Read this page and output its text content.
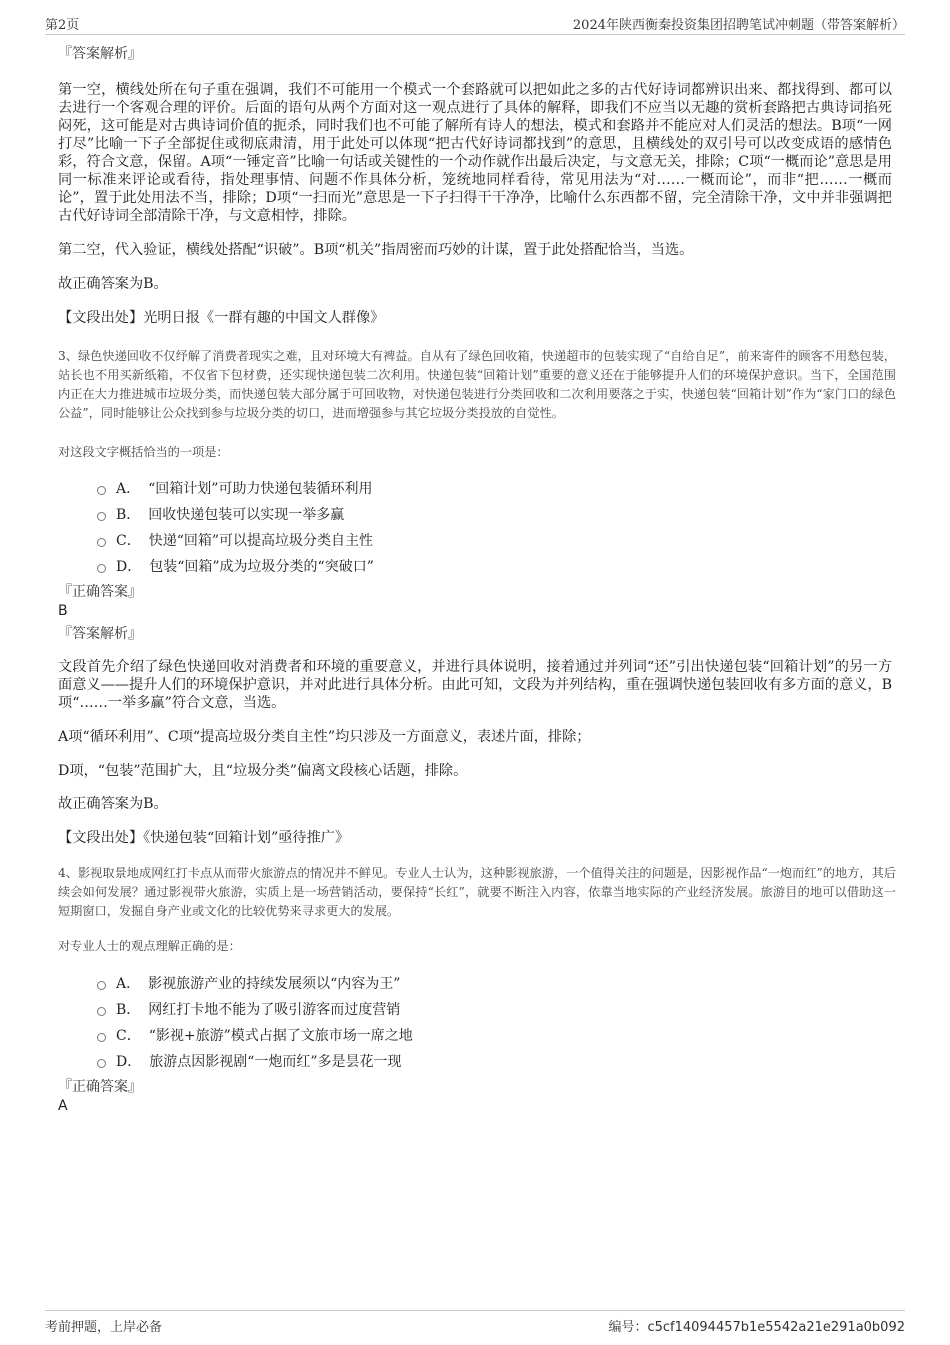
第2页	2024年陕西衡秦投资集团招聘笔试冲刺题（带答案解析）
『答案解析』
第一空，横线处所在句子重在强调，我们不可能用一个模式一个套路就可以把如此之多的古代好诗词都辨识出来、都找得到、都可以去进行一个客观合理的评价。后面的语句从两个方面对这一观点进行了具体的解释，即我们不应当以无趣的赏析套路把古典诗词掐死闷死，这可能是对古典诗词价值的扼杀，同时我们也不可能了解所有诗人的想法，模式和套路并不能应对人们灵活的想法。B项“一网打尽”比喻一下子全部捉住或彻底肃清，用于此处可以体现“把古代好诗词都找到”的意思，且横线处的双引号可以改变成语的感情色彩，符合文意，保留。A项“一锤定音”比喻一句话或关键性的一个动作就作出最后决定，与文意无关，排除；C项“一概而论”意思是用同一标准来评论或看待，指处理事情、问题不作具体分析，笼统地同样看待，常见用法为“对……一概而论”，而非“把……一概而论”，置于此处用法不当，排除；D项“一扫而光”意思是一下子扫得干干净净，比喻什么东西都不留，完全清除干净，文中并非强调把古代好诗词全部清除干净，与文意相悖，排除。
第二空，代入验证，横线处搭配“识破”。B项“机关”指周密而巧妙的计谋，置于此处搭配恰当，当选。
故正确答案为B。
【文段出处】光明日报《一群有趣的中国文人群像》
3、绿色快递回收不仅纾解了消费者现实之难，且对环境大有裨益。自从有了绿色回收箱，快递超市的包装实现了“自给自足”，前来寄件的顾客不用愁包装，站长也不用买新纸箱，不仅省下包材费，还实现快递包装二次利用。快递包装“回箱计划”重要的意义还在于能够提升人们的环境保护意识。当下，全国范围内正在大力推进城市垃圾分类，而快递包装大部分属于可回收物，对快递包装进行分类回收和二次利用要落之于实，快递包装“回箱计划”作为“家门口的绿色公益”，同时能够让公众找到参与垃圾分类的切口，进而增强参与其它垃圾分类投放的自觉性。
对这段文字概括恰当的一项是：
A． “回箱计划”可助力快递包装循环利用
B． 回收快递包装可以实现一举多赢
C． 快递“回箱”可以提高垃圾分类自主性
D． 包装“回箱”成为垃圾分类的“突破口”
『正确答案』
B
『答案解析』
文段首先介绍了绿色快递回收对消费者和环境的重要意义，并进行具体说明，接着通过并列词“还”引出快递包装“回箱计划”的另一方面意义——提升人们的环境保护意识，并对此进行具体分析。由此可知，文段为并列结构，重在强调快递包装回收有多方面的意义，B项“……一举多赢”符合文意，当选。
A项“循环利用”、C项“提高垃圾分类自主性”均只涉及一方面意义，表述片面，排除；
D项，“包装”范围扩大，且“垃圾分类”偏离文段核心话题，排除。
故正确答案为B。
【文段出处】《快递包装“回箱计划”亟待推广》
4、影视取景地成网红打卡点从而带火旅游点的情况并不鲜见。专业人士认为，这种影视旅游，一个值得关注的问题是，因影视作品“一炮而红”的地方，其后续会如何发展？通过影视带火旅游，实质上是一场营销活动，要保持“长红”，就要不断注入内容，依靠当地实际的产业经济发展。旅游目的地可以借助这一短期窗口，发掘自身产业或文化的比较优势来寻求更大的发展。
对专业人士的观点理解正确的是：
A． 影视旅游产业的持续发展须以“内容为王”
B． 网红打卡地不能为了吸引游客而过度营销
C． “影视+旅游”模式占据了文旅市场一席之地
D． 旅游点因影视剧“一炮而红”多是昙花一现
『正确答案』
A
考前押题，上岸必备	编号：c5cf14094457b1e5542a21e291a0b092
